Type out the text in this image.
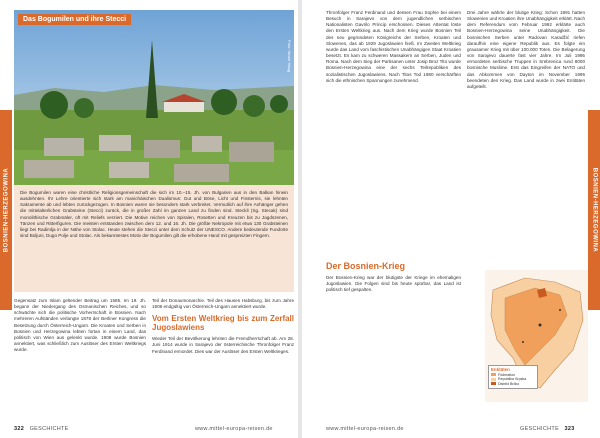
BOSNIEN-HERZEGOWINA
Das Bogumilen und ihre Stecci
Foto: Nicole Haug

Die Bogumilen waren eine christliche Religionsgemeinschaft die sich im 10.–15. Jh. von Bulgarien aus in den Balkan hinein ausdehnten. Ihr Lehre orientierte sich stark am manichäischen Dualismus: Gut und Böse, Licht und Finsternis, sie lehnten Sakramente ab und lebten zurückgezogen. In Bosnien waren sie besonders stark verbreitet. Vermutlich auf ihre Anhänger gehen die mittelalterlichen Grabsteine (Stecci) zurück, die in großer Zahl im ganzen Land zu finden sind. Steckli (Sg. Stecak) sind monolithische Grabmäler, oft mit Reliefs verziert. Die Motive reichen von Spiralen, Rosetten und Kreuzen bis zu Jagdszenen, Tänzen und Ritterfiguren. Die meisten entstanden zwischen dem 12. und 16. Jh. Die größte Nekropole mit etwa 130 Grabsteinen liegt bei Radimlja in der Nähe von Stolac. Heute stehen die Stecci unter dem Schutz der UNESCO. Andere bedeutende Fundorte sind Boljuni, Dugo Polje und Stolac. Als bekanntestes Motiv der Bogumilen gilt die erhobene Hand mit gespreizten Fingern.

Gegensatz zum Islam geltender Beitrag um 1585. Im 19. Jh. begann der Niedergang des Osmanischen Reiches, und so schwächte sich die politische Vorherrschaft in Bosnien. Nach mehreren Aufständen verlangte 1878 der Berliner Kongress die Besetzung durch Österreich-Ungarn. Die Kroaten und Serben in Bosnien und Herzegowina lebten fortan in einem Land, das politisch von Wien aus gelenkt wurde. 1908 wurde Bosnien annektiert, was schließlich zum Auslöser des Ersten Weltkriegs wurde.

Teil der Donaumonarchie. Teil des Hauses Habsburg, bis zum Jahre 1908 endgültig von Österreich-Ungarn annektiert wurde.

Vom Ersten Weltkrieg bis zum Zerfall Jugoslawiens

Wieder Teil der Bevölkerung lehnten die Fremdherrschaft ab. Am 28. Juni 1914 wurde in Sarajevo der österreichische Thronfolger Franz Ferdinand ermordet. Dies war der Auslöser des Ersten Weltkrieges.

322 GESCHICHTE	www.mittel-europa-reisen.de

Thronfolger Franz Ferdinand und dessen Frau Sophie bei einem Besuch in Sarajevo von dem jugendlichen serbischen Nationalisten Gavrilo Princip erschossen. Dieses Attentat löste den Ersten Weltkrieg aus. Nach dem Krieg wurde Bosnien Teil des neu gegründeten Königreichs der Serben, Kroaten und Slowenen, das ab 1929 Jugoslawien hieß. Im Zweiten Weltkrieg wurde das Land vom faschistischen Unabhängigen Staat Kroatien besetzt. Es kam zu schweren Massakern an Serben, Juden und Roma. Nach dem Sieg der Partisanen unter Josip Broz Tito wurde Bosnien-Herzegowina eine der sechs Teilrepubliken des sozialistischen Jugoslawiens. Nach Titos Tod 1980 verschärften sich die ethnischen Spannungen zunehmend.

Der Bosnien-Krieg

Der Bosnien-Krieg war der blutigste der Kriege im ehemaligen Jugoslawien. Die Folgen sind bis heute spürbar, das Land ist politisch tief gespalten.

Drei Jahre währte der blutige Krieg: Schon 1991 hatten Slowenien und Kroatien ihre Unabhängigkeit erklärt. Nach dem Referendum vom Februar 1992 erklärte auch Bosnien-Herzegowina seine Unabhängigkeit. Die bosnischen Serben unter Radovan Karadžić riefen daraufhin eine eigene Republik aus. Es folgte ein grausamer Krieg mit über 100.000 Toten. Die Belagerung von Sarajevo dauerte fast vier Jahre. Im Juli 1995 ermordeten serbische Truppen in Srebrenica rund 8000 bosnische Muslime. Erst das Eingreifen der NATO und das Abkommen von Dayton im November 1995 beendeten den Krieg. Das Land wurde in zwei Entitäten aufgeteilt.

Entitäten
Föderation
Republika Srpska
Distrikt Brčko
BOSNIEN-HERZEGOWINA
www.mittel-europa-reisen.de	GESCHICHTE 323
